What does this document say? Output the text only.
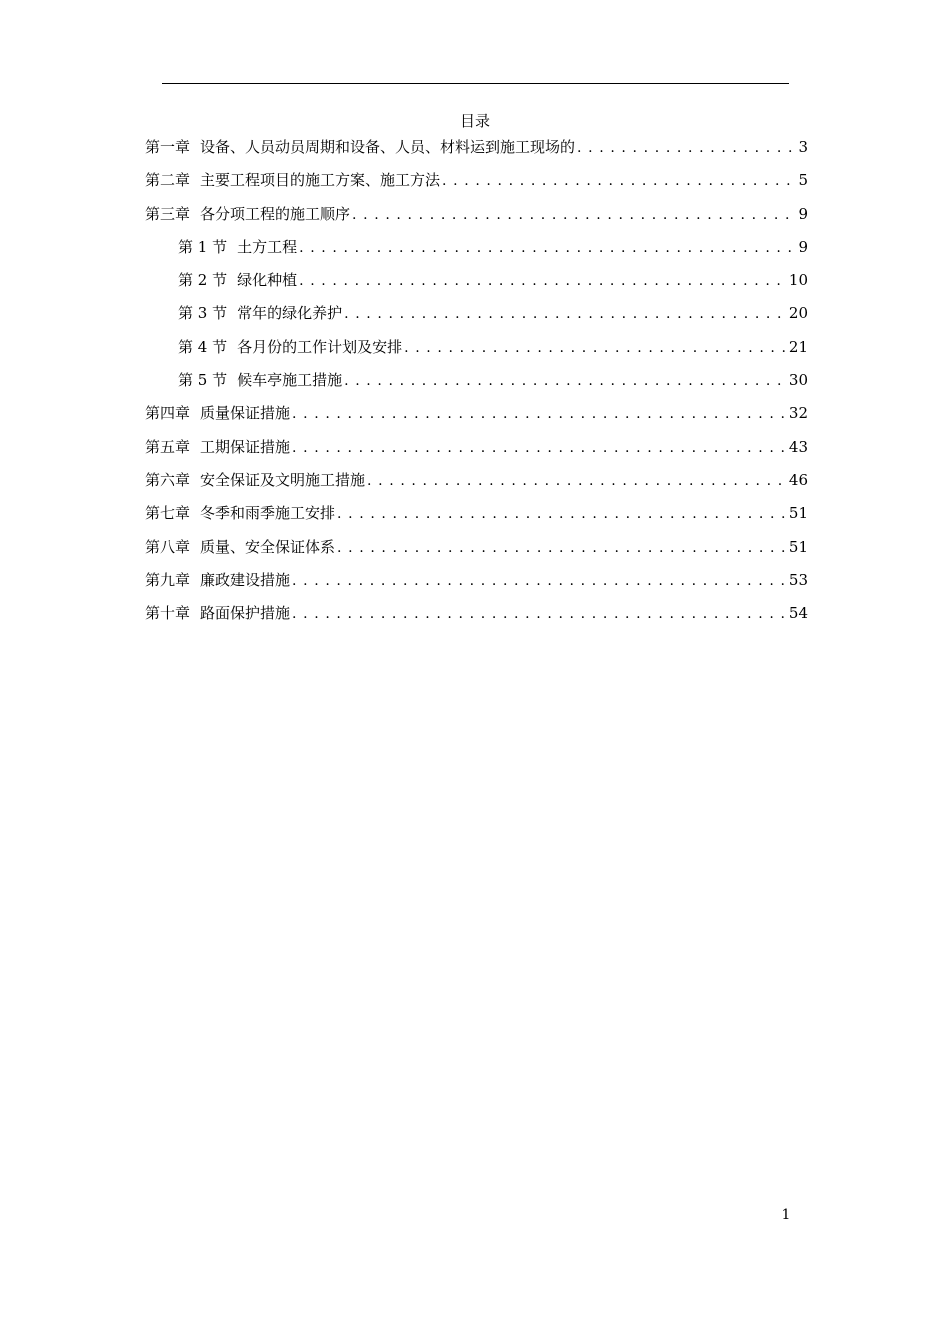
目录
第一章 设备、人员动员周期和设备、人员、材料运到施工现场的 . . .	3
第二章 主要工程项目的施工方案、施工方法 . . .	5
第三章 各分项工程的施工顺序 . . .	9
第 1 节 土方工程 . . .	9
第 2 节 绿化种植 . . .	10
第 3 节 常年的绿化养护 . . .	20
第 4 节 各月份的工作计划及安排 . . .	21
第 5 节 候车亭施工措施 . . .	30
第四章 质量保证措施 . . .	32
第五章 工期保证措施 . . .	43
第六章 安全保证及文明施工措施 . . .	46
第七章 冬季和雨季施工安排 . . .	51
第八章 质量、安全保证体系 . . .	51
第九章 廉政建设措施 . . .	53
第十章 路面保护措施 . . .	54
1
